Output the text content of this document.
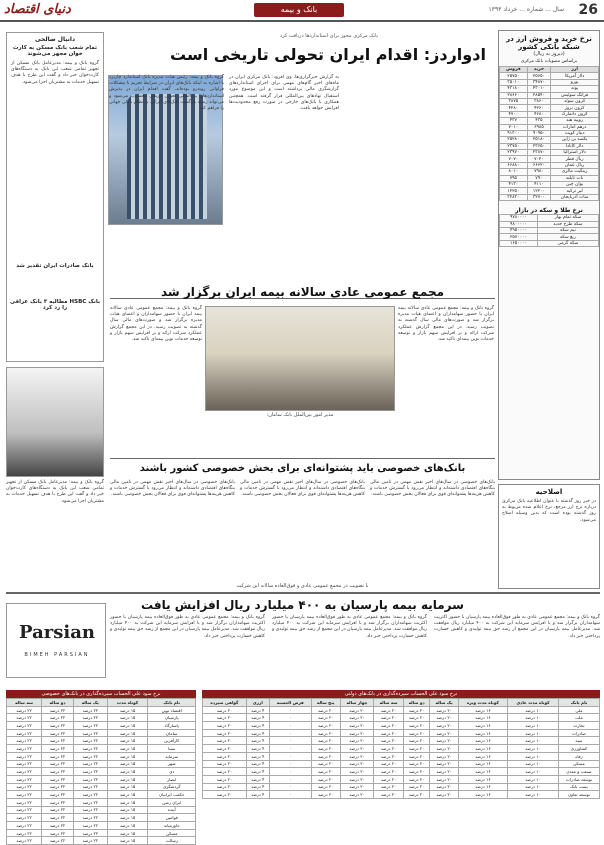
26
سال ... شماره ... خرداد ۱۳۹۳
بانک و بیمه
دنیای اقتصاد
بانک مرکزی مجوز برای استانداردها دریافت کرد
ادواردز: اقدام ایران تحولی تاریخی است
گروه بانک و بیمه: رئیس هیات مدیره بانک استاندارد چارترد با اشاره به اینکه بانک‌های ایران در شرایط تحریم با مشکلات فراوانی روبه‌رو بوده‌اند، گفت اقدام ایران در پذیرش استانداردهای بین‌المللی تحولی تاریخی محسوب می‌شود و می‌تواند زمینه بازگشت بانک‌های ایرانی به نظام بانکی جهانی را فراهم کند.
به گزارش خبرگزاری‌ها، وی افزود: بانک مرکزی ایران در ماه‌های اخیر گام‌های مهمی برای اجرای استانداردهای گزارشگری مالی برداشته است و این موضوع مورد استقبال نهادهای بین‌المللی قرار گرفته است. همچنین همکاری با بانک‌های خارجی در صورت رفع محدودیت‌ها افزایش خواهد یافت.
نرخ خرید و فروش ارز در شبکه بانکی کشور
(دیروز به ریال)
براساس مصوبات بانک مرکزی
ارز	خرید	فروش
دلار آمریکا	۲۵۶۵۰	۲۵۷۵۰
یورو	۳۴۸۷۰	۳۵۰۱۰
پوند	۴۳۰۱۰	۴۳۱۸۰
فرانک سوئیس	۲۸۵۴۰	۲۸۶۶۰
کرون سوئد	۳۸۶۰	۳۸۷۵
کرون نروژ	۴۲۶۰	۴۲۸۰
کرون دانمارک	۴۶۸۰	۴۷۰۰
روپیه هند	۴۳۵	۴۳۷
درهم امارات	۶۹۸۵	۷۰۱۰
دینار کویت	۹۰۹۵۰	۹۱۳۰۰
یکصد ین ژاپن	۲۵۱۸۰	۲۵۲۸۰
دلار کانادا	۲۳۶۵۰	۲۳۷۵۰
دلار استرالیا	۲۳۸۷۰	۲۳۹۷۰
ریال قطر	۷۰۴۰	۷۰۷۰
ریال عمان	۶۶۶۲۰	۶۶۸۸۰
رینگیت مالزی	۷۹۸۰	۸۰۱۰
بات تایلند	۷۹۰	۷۹۵
یوان چین	۴۱۱۰	۴۱۳۰
لیر ترکیه	۱۲۲۰۰	۱۲۲۵۰
منات آذربایجان	۳۲۷۰۰	۳۲۸۳۰
نرخ طلا و سکه در بازار
سکه تمام بهار	۹۷۸۰۰۰۰
سکه طرح جدید	۹۸۰۰۰۰۰
نیم سکه	۴۹۵۰۰۰۰
ربع سکه	۲۵۷۰۰۰۰
سکه گرمی	۱۶۵۰۰۰۰
اصلاحیه
در خبر روز گذشته با عنوان اطلاعیه بانک مرکزی درباره نرخ ارز مرجع، نرخ اعلام شده مربوط به روز گذشته بوده است که بدین وسیله اصلاح می‌شود.
دانیال صالحی
تمام شعب بانک مسکن به کارت خوان مجهز می‌شوند
گروه بانک و بیمه: مدیرعامل بانک مسکن از تجهیز تمامی شعب این بانک به دستگاه‌های کارت‌خوان خبر داد و گفت این طرح با هدف تسهیل خدمات به مشتریان اجرا می‌شود.
بانک صادرات ایران تقدیر شد
بانک HSBC مطالبه ۳ بانک عراقی را رد کرد
گروه بانک و بیمه: مدیرعامل بانک مسکن از تجهیز تمامی شعب این بانک به دستگاه‌های کارت‌خوان خبر داد و گفت این طرح با هدف تسهیل خدمات به مشتریان اجرا می‌شود.
مجمع عمومی عادی سالانه بیمه ایران برگزار شد
مدیر امور بین‌الملل بانک سامان:
گروه بانک و بیمه: مجمع عمومی عادی سالانه بیمه ایران با حضور سهامداران و اعضای هیات مدیره برگزار شد و صورت‌های مالی سال گذشته به تصویب رسید. در این مجمع گزارش عملکرد شرکت ارائه و بر افزایش سهم بازار و توسعه خدمات نوین بیمه‌ای تاکید شد.
گروه بانک و بیمه: مجمع عمومی عادی سالانه بیمه ایران با حضور سهامداران و اعضای هیات مدیره برگزار شد و صورت‌های مالی سال گذشته به تصویب رسید. در این مجمع گزارش عملکرد شرکت ارائه و بر افزایش سهم بازار و توسعه خدمات نوین بیمه‌ای تاکید شد.
بانک‌های خصوصی باید پشتوانه‌ای برای بخش خصوصی کشور باشند
بانک‌های خصوصی در سال‌های اخیر نقش مهمی در تامین مالی بنگاه‌های اقتصادی داشته‌اند و انتظار می‌رود با گسترش خدمات و کاهش هزینه‌ها پشتوانه‌ای قوی برای فعالان بخش خصوصی باشند.
بانک‌های خصوصی در سال‌های اخیر نقش مهمی در تامین مالی بنگاه‌های اقتصادی داشته‌اند و انتظار می‌رود با گسترش خدمات و کاهش هزینه‌ها پشتوانه‌ای قوی برای فعالان بخش خصوصی باشند.
بانک‌های خصوصی در سال‌های اخیر نقش مهمی در تامین مالی بنگاه‌های اقتصادی داشته‌اند و انتظار می‌رود با گسترش خدمات و کاهش هزینه‌ها پشتوانه‌ای قوی برای فعالان بخش خصوصی باشند.
با تصویب در مجمع عمومی عادی و فوق‌العاده سالانه این شرکت
سرمایه بیمه پارسیان به ۴۰۰ میلیارد ریال افزایش یافت
Parsian
BIMEH PARSIAN
گروه بانک و بیمه: مجمع عمومی عادی به طور فوق‌العاده بیمه پارسیان با حضور اکثریت سهامداران برگزار شد و با افزایش سرمایه این شرکت به ۴۰۰ میلیارد ریال موافقت شد. مدیرعامل بیمه پارسیان در این مجمع از رشد حق بیمه تولیدی و کاهش خسارت پرداختی خبر داد.
گروه بانک و بیمه: مجمع عمومی عادی به طور فوق‌العاده بیمه پارسیان با حضور اکثریت سهامداران برگزار شد و با افزایش سرمایه این شرکت به ۴۰۰ میلیارد ریال موافقت شد. مدیرعامل بیمه پارسیان در این مجمع از رشد حق بیمه تولیدی و کاهش خسارت پرداختی خبر داد.
گروه بانک و بیمه: مجمع عمومی عادی به طور فوق‌العاده بیمه پارسیان با حضور اکثریت سهامداران برگزار شد و با افزایش سرمایه این شرکت به ۴۰۰ میلیارد ریال موافقت شد. مدیرعامل بیمه پارسیان در این مجمع از رشد حق بیمه تولیدی و کاهش خسارت پرداختی خبر داد.
نرخ سود علی الحساب سپرده‌گذاری در بانک‌های خصوصی
نام بانک	کوتاه مدت	یک ساله	دو ساله	سه ساله
اقتصاد نوین	۱۵ درصد	۲۲ درصد	۲۲ درصد	۲۲ درصد
پارسیان	۱۵ درصد	۲۲ درصد	۲۲ درصد	۲۲ درصد
پاسارگاد	۱۵ درصد	۲۲ درصد	۲۲ درصد	۲۲ درصد
سامان	۱۵ درصد	۲۲ درصد	۲۲ درصد	۲۲ درصد
کارآفرین	۱۵ درصد	۲۲ درصد	۲۲ درصد	۲۲ درصد
سینا	۱۵ درصد	۲۲ درصد	۲۲ درصد	۲۲ درصد
سرمایه	۱۵ درصد	۲۲ درصد	۲۲ درصد	۲۲ درصد
شهر	۱۵ درصد	۲۲ درصد	۲۲ درصد	۲۲ درصد
دی	۱۵ درصد	۲۲ درصد	۲۲ درصد	۲۲ درصد
انصار	۱۵ درصد	۲۲ درصد	۲۲ درصد	۲۲ درصد
گردشگری	۱۵ درصد	۲۲ درصد	۲۲ درصد	۲۲ درصد
حکمت ایرانیان	۱۵ درصد	۲۲ درصد	۲۲ درصد	۲۲ درصد
ایران زمین	۱۵ درصد	۲۲ درصد	۲۲ درصد	۲۲ درصد
آینده	۱۵ درصد	۲۲ درصد	۲۲ درصد	۲۲ درصد
قوامین	۱۵ درصد	۲۲ درصد	۲۲ درصد	۲۲ درصد
خاورمیانه	۱۵ درصد	۲۲ درصد	۲۲ درصد	۲۲ درصد
مسکن	۱۵ درصد	۲۲ درصد	۲۲ درصد	۲۲ درصد
رسالت	۱۵ درصد	۲۲ درصد	۲۲ درصد	۲۲ درصد
نرخ سود علی الحساب سپرده‌گذاری در بانک‌های دولتی
نام بانک	کوتاه مدت عادی	کوتاه مدت ویژه	یک ساله	دو ساله	سه ساله	چهار ساله	پنج ساله	قرض الحسنه	ارزی	گواهی سپرده
ملی	۱۰ درصد	۱۶ درصد	۲۰ درصد	۲۰ درصد	۲۰ درصد	۲۰ درصد	۲۰ درصد	۰	۴ درصد	۲۰ درصد
ملت	۱۰ درصد	۱۶ درصد	۲۰ درصد	۲۰ درصد	۲۰ درصد	۲۰ درصد	۲۰ درصد	۰	۴ درصد	۲۰ درصد
تجارت	۱۰ درصد	۱۶ درصد	۲۰ درصد	۲۰ درصد	۲۰ درصد	۲۰ درصد	۲۰ درصد	۰	۴ درصد	۲۰ درصد
صادرات	۱۰ درصد	۱۶ درصد	۲۰ درصد	۲۰ درصد	۲۰ درصد	۲۰ درصد	۲۰ درصد	۰	۴ درصد	۲۰ درصد
سپه	۱۰ درصد	۱۶ درصد	۲۰ درصد	۲۰ درصد	۲۰ درصد	۲۰ درصد	۲۰ درصد	۰	۴ درصد	۲۰ درصد
کشاورزی	۱۰ درصد	۱۶ درصد	۲۰ درصد	۲۰ درصد	۲۰ درصد	۲۰ درصد	۲۰ درصد	۰	۴ درصد	۲۰ درصد
رفاه	۱۰ درصد	۱۶ درصد	۲۰ درصد	۲۰ درصد	۲۰ درصد	۲۰ درصد	۲۰ درصد	۰	۴ درصد	۲۰ درصد
مسکن	۱۰ درصد	۱۶ درصد	۲۰ درصد	۲۰ درصد	۲۰ درصد	۲۰ درصد	۲۰ درصد	۰	۴ درصد	۲۰ درصد
صنعت و معدن	۱۰ درصد	۱۶ درصد	۲۰ درصد	۲۰ درصد	۲۰ درصد	۲۰ درصد	۲۰ درصد	۰	۴ درصد	۲۰ درصد
توسعه صادرات	۱۰ درصد	۱۶ درصد	۲۰ درصد	۲۰ درصد	۲۰ درصد	۲۰ درصد	۲۰ درصد	۰	۴ درصد	۲۰ درصد
پست بانک	۱۰ درصد	۱۶ درصد	۲۰ درصد	۲۰ درصد	۲۰ درصد	۲۰ درصد	۲۰ درصد	۰	۴ درصد	۲۰ درصد
توسعه تعاون	۱۰ درصد	۱۶ درصد	۲۰ درصد	۲۰ درصد	۲۰ درصد	۲۰ درصد	۲۰ درصد	۰	۴ درصد	۲۰ درصد
